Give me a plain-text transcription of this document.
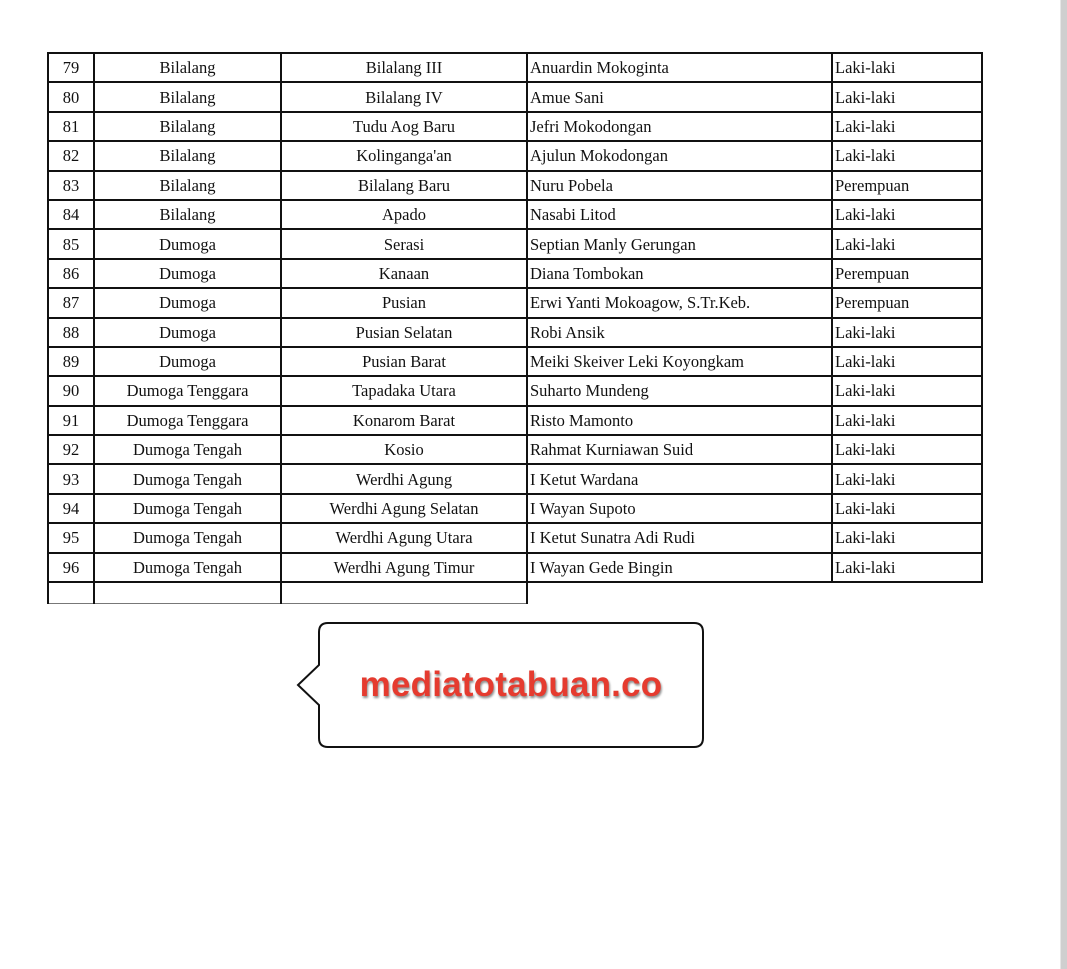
79	Bilalang	Bilalang III	Anuardin Mokoginta	Laki-laki
80	Bilalang	Bilalang IV	Amue Sani	Laki-laki
81	Bilalang	Tudu Aog Baru	Jefri Mokodongan	Laki-laki
82	Bilalang	Kolinganga'an	Ajulun Mokodongan	Laki-laki
83	Bilalang	Bilalang Baru	Nuru Pobela	Perempuan
84	Bilalang	Apado	Nasabi Litod	Laki-laki
85	Dumoga	Serasi	Septian Manly Gerungan	Laki-laki
86	Dumoga	Kanaan	Diana Tombokan	Perempuan
87	Dumoga	Pusian	Erwi Yanti Mokoagow, S.Tr.Keb.	Perempuan
88	Dumoga	Pusian Selatan	Robi Ansik	Laki-laki
89	Dumoga	Pusian Barat	Meiki Skeiver Leki Koyongkam	Laki-laki
90	Dumoga Tenggara	Tapadaka Utara	Suharto Mundeng	Laki-laki
91	Dumoga Tenggara	Konarom Barat	Risto Mamonto	Laki-laki
92	Dumoga Tengah	Kosio	Rahmat Kurniawan Suid	Laki-laki
93	Dumoga Tengah	Werdhi Agung	I Ketut Wardana	Laki-laki
94	Dumoga Tengah	Werdhi Agung Selatan	I Wayan Supoto	Laki-laki
95	Dumoga Tengah	Werdhi Agung Utara	I Ketut Sunatra Adi Rudi	Laki-laki
96	Dumoga Tengah	Werdhi Agung Timur	I Wayan Gede Bingin	Laki-laki

mediatotabuan.co
